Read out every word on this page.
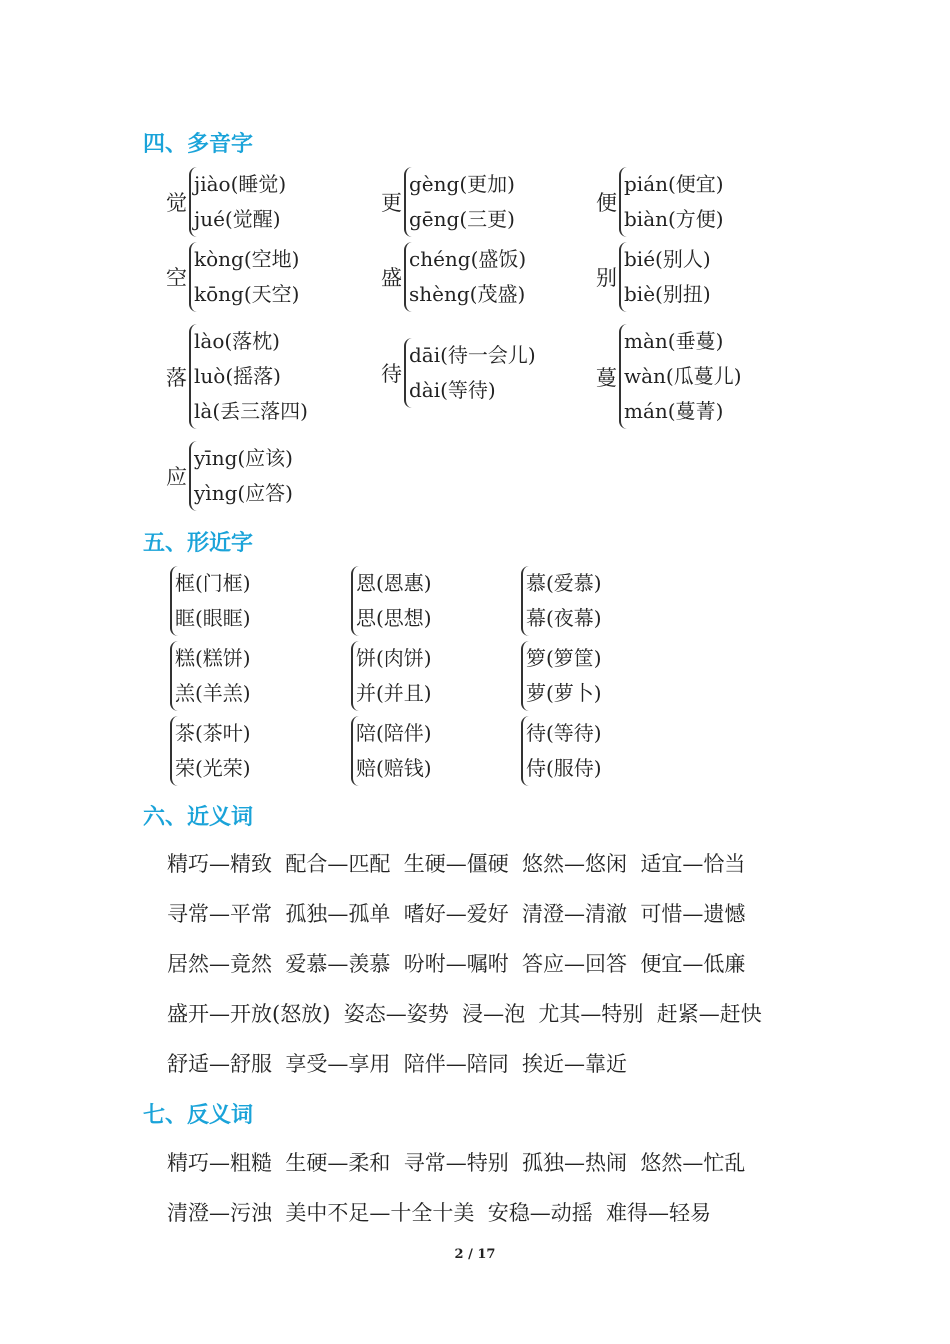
四、多音字
觉
jiào(睡觉)
jué(觉醒)
更
gèng(更加)
gēng(三更)
便
pián(便宜)
biàn(方便)
空
kòng(空地)
kōng(天空)
盛
chéng(盛饭)
shèng(茂盛)
别
bié(别人)
biè(别扭)
落
lào(落枕)
luò(摇落)
là(丢三落四)
待
dāi(待一会儿)
dài(等待)
蔓
màn(垂蔓)
wàn(瓜蔓儿)
mán(蔓菁)
应
yīng(应该)
yìng(应答)
五、形近字
框(门框)
眶(眼眶)
恩(恩惠)
思(思想)
慕(爱慕)
幕(夜幕)
糕(糕饼)
羔(羊羔)
饼(肉饼)
并(并且)
箩(箩筐)
萝(萝卜)
茶(茶叶)
荣(光荣)
陪(陪伴)
赔(赔钱)
待(等待)
侍(服侍)
六、近义词
精巧—精致  配合—匹配  生硬—僵硬  悠然—悠闲  适宜—恰当
寻常—平常  孤独—孤单  嗜好—爱好  清澄—清澈  可惜—遗憾
居然—竟然  爱慕—羡慕  吩咐—嘱咐  答应—回答  便宜—低廉
盛开—开放(怒放)  姿态—姿势  浸—泡  尤其—特别  赶紧—赶快
舒适—舒服  享受—享用  陪伴—陪同  挨近—靠近
七、反义词
精巧—粗糙  生硬—柔和  寻常—特别  孤独—热闹  悠然—忙乱
清澄—污浊  美中不足—十全十美  安稳—动摇  难得—轻易
2 / 17
